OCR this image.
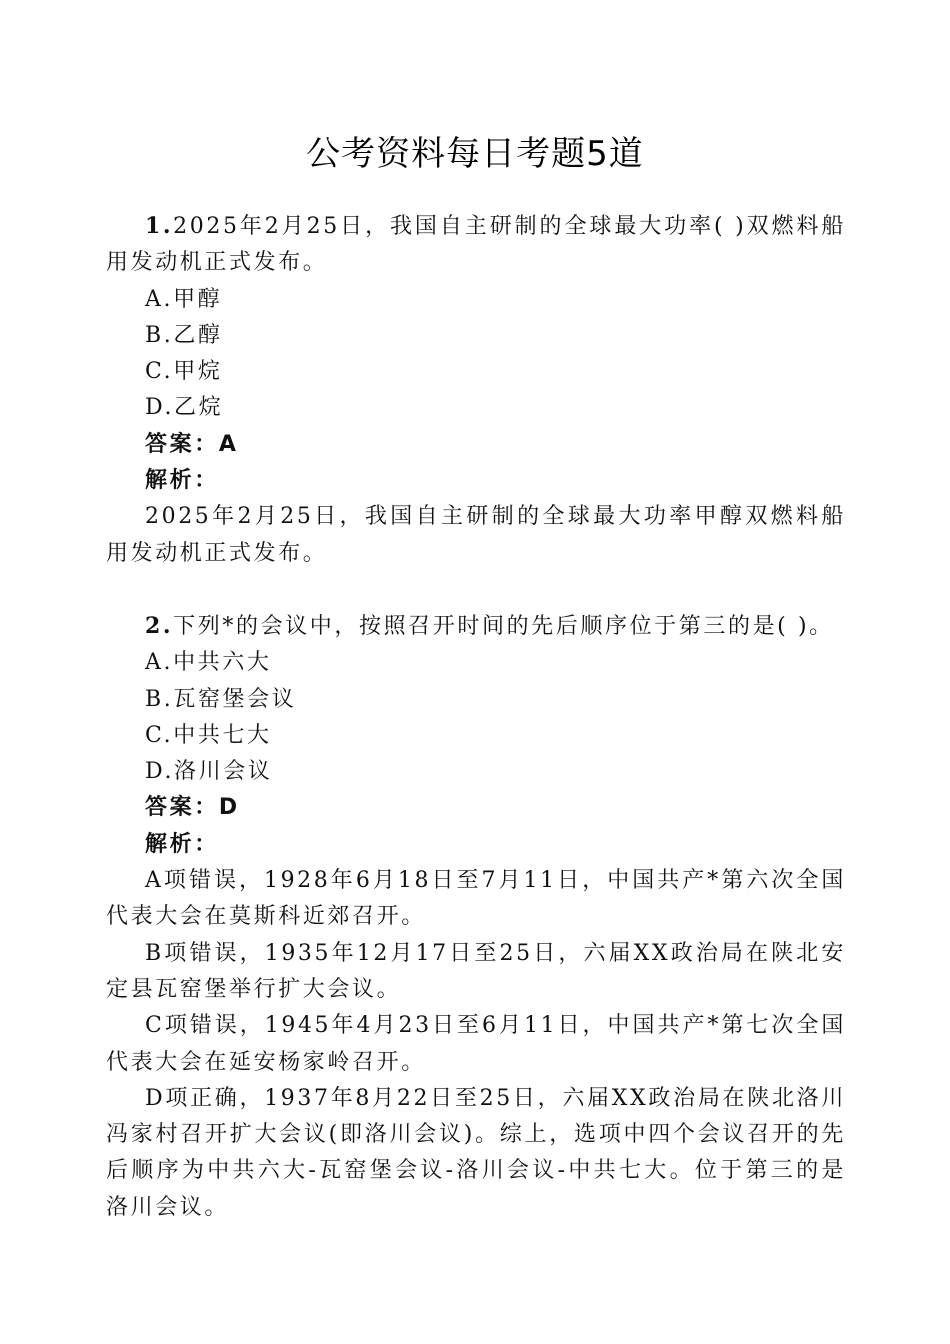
公考资料每日考题5道

1.2025年2月25日，我国自主研制的全球最大功率( )双燃料船用发动机正式发布。

A.甲醇

B.乙醇

C.甲烷

D.乙烷

答案：A

解析：

2025年2月25日，我国自主研制的全球最大功率甲醇双燃料船用发动机正式发布。

2.下列*的会议中，按照召开时间的先后顺序位于第三的是( )。

A.中共六大

B.瓦窑堡会议

C.中共七大

D.洛川会议

答案：D

解析：

A项错误，1928年6月18日至7月11日，中国共产*第六次全国代表大会在莫斯科近郊召开。

B项错误，1935年12月17日至25日，六届XX政治局在陕北安定县瓦窑堡举行扩大会议。

C项错误，1945年4月23日至6月11日，中国共产*第七次全国代表大会在延安杨家岭召开。

D项正确，1937年8月22日至25日，六届XX政治局在陕北洛川冯家村召开扩大会议(即洛川会议)。综上，选项中四个会议召开的先后顺序为中共六大-瓦窑堡会议-洛川会议-中共七大。位于第三的是洛川会议。
